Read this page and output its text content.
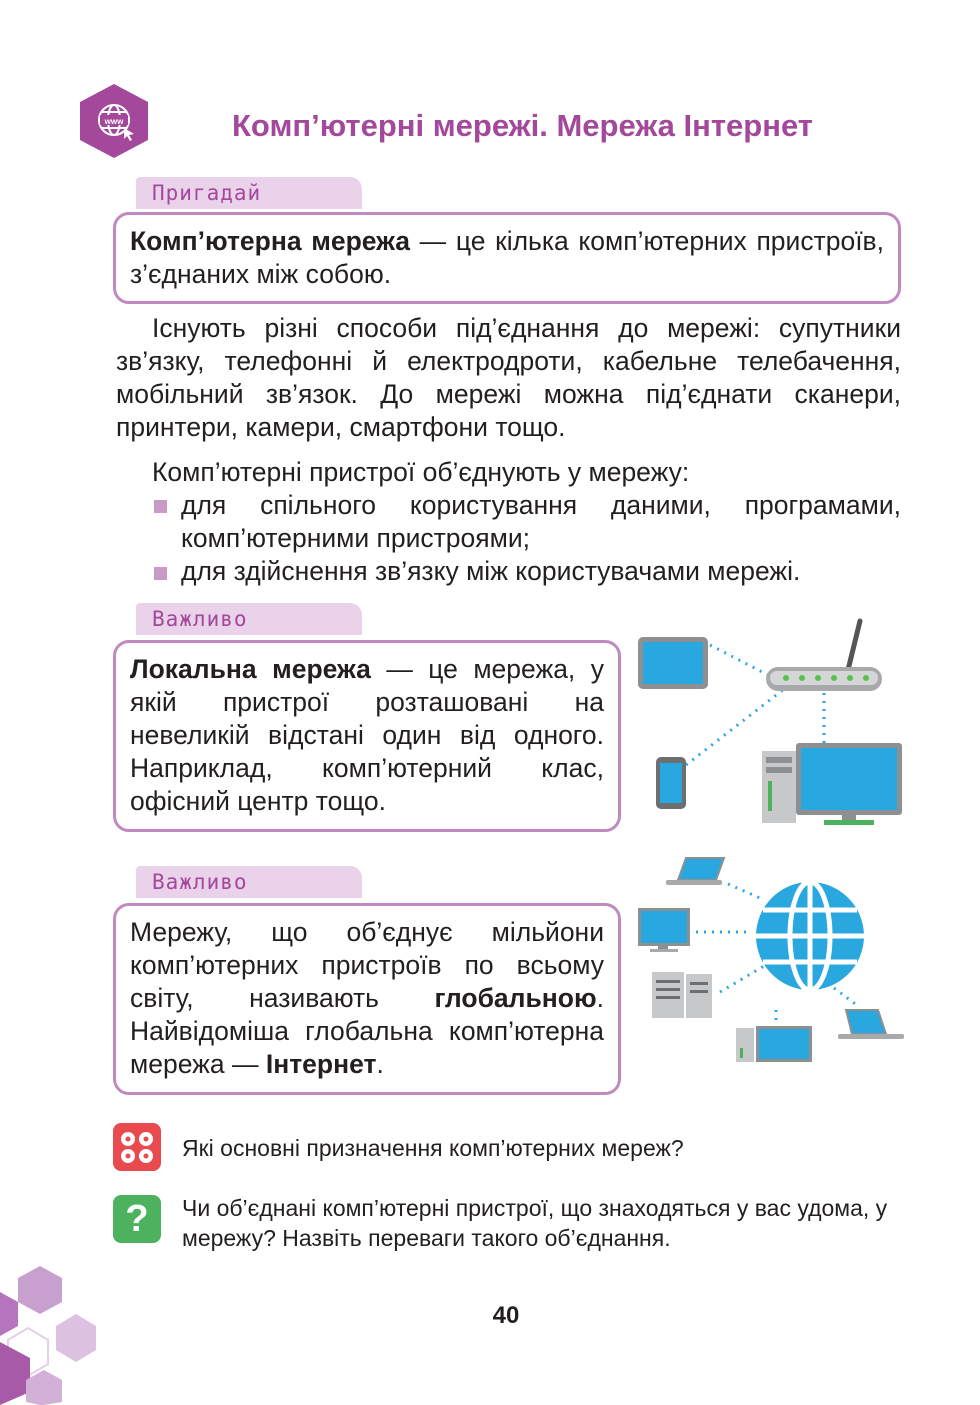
www	Комп’ютерні мережі. Мережа Інтернет
Пригадай
Комп’ютерна мережа — це кілька комп’ютерних пристроїв, з’єднаних між собою.
Існують різні способи під’єднання до мережі: супутники зв’язку, телефонні й електродроти, кабельне телебачення, мобільний зв’язок. До мережі можна під’єднати сканери, принтери, камери, смартфони тощо.
Комп’ютерні пристрої об’єднують у мережу:
для спільного користування даними, програмами, комп’ютерними пристроями;
для здійснення зв’язку між користувачами мережі.
Важливо
Локальна мережа — це мережа, у якій пристрої розташовані на невеликій відстані один від одного. Наприклад, комп’ютерний клас, офісний центр тощо.
Важливо
Мережу, що об’єднує мільйони комп’ютерних пристроїв по всьому світу, називають глобальною. Найвідоміша глобальна комп’ютерна мережа — Інтернет.
Які основні призначення комп’ютерних мереж?
?	Чи об’єднані комп’ютерні пристрої, що знаходяться у вас удома, у мережу? Назвіть переваги такого об’єднання.
40
